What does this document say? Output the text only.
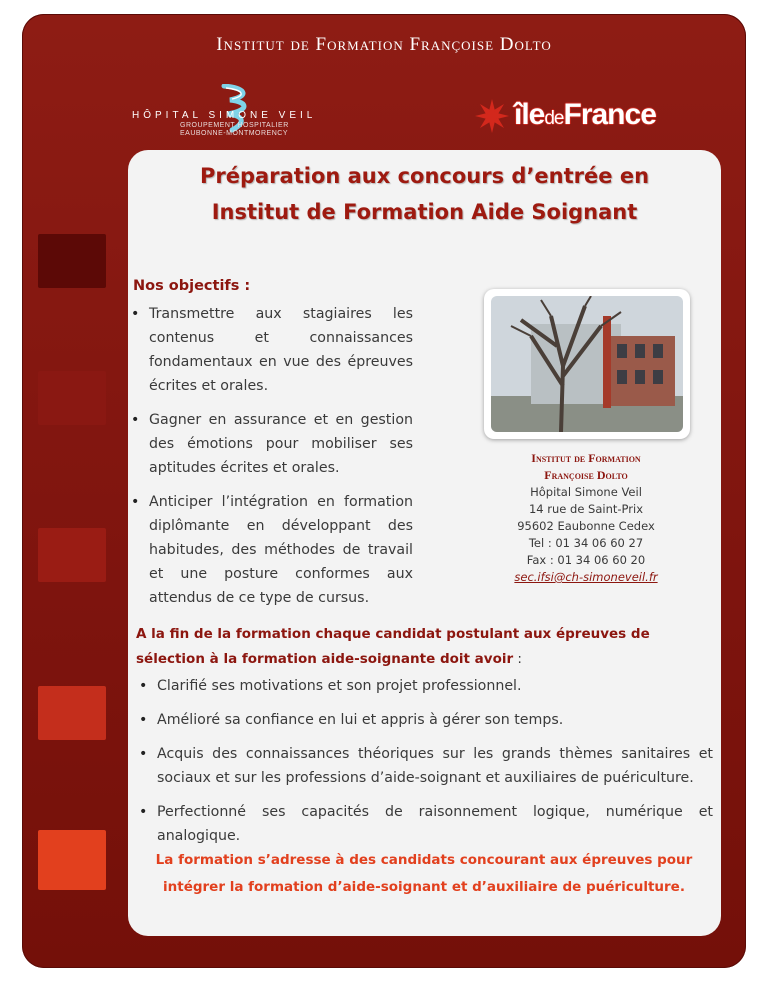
Institut de Formation Françoise Dolto
HÔPITAL SIMONE VEIL
GROUPEMENT HOSPITALIER
EAUBONNE-MONTMORENCY
îledeFrance
Préparation aux concours d’entrée en
Institut de Formation Aide Soignant
Nos objectifs :
• Transmettre aux stagiaires les contenus et connaissances fondamentaux en vue des épreuves écrites et orales.
• Gagner en assurance et en gestion des émotions pour mobiliser ses aptitudes écrites et orales.
• Anticiper l’intégration en formation diplômante en développant des habitudes, des méthodes de travail et une posture conformes aux attendus de ce type de cursus.
Institut de Formation
Françoise Dolto
Hôpital Simone Veil
14 rue de Saint-Prix
95602 Eaubonne Cedex
Tel : 01 34 06 60 27
Fax : 01 34 06 60 20
sec.ifsi@ch-simoneveil.fr
A la fin de la formation chaque candidat postulant aux épreuves de sélection à la formation aide-soignante doit avoir :
• Clarifié ses motivations et son projet professionnel.
• Amélioré sa confiance en lui et appris à gérer son temps.
• Acquis des connaissances théoriques sur les grands thèmes sanitaires et sociaux et sur les professions d’aide-soignant et auxiliaires de puériculture.
• Perfectionné ses capacités de raisonnement logique, numérique et analogique.
La formation s’adresse à des candidats concourant aux épreuves pour intégrer la formation d’aide-soignant et d’auxiliaire de puériculture.
